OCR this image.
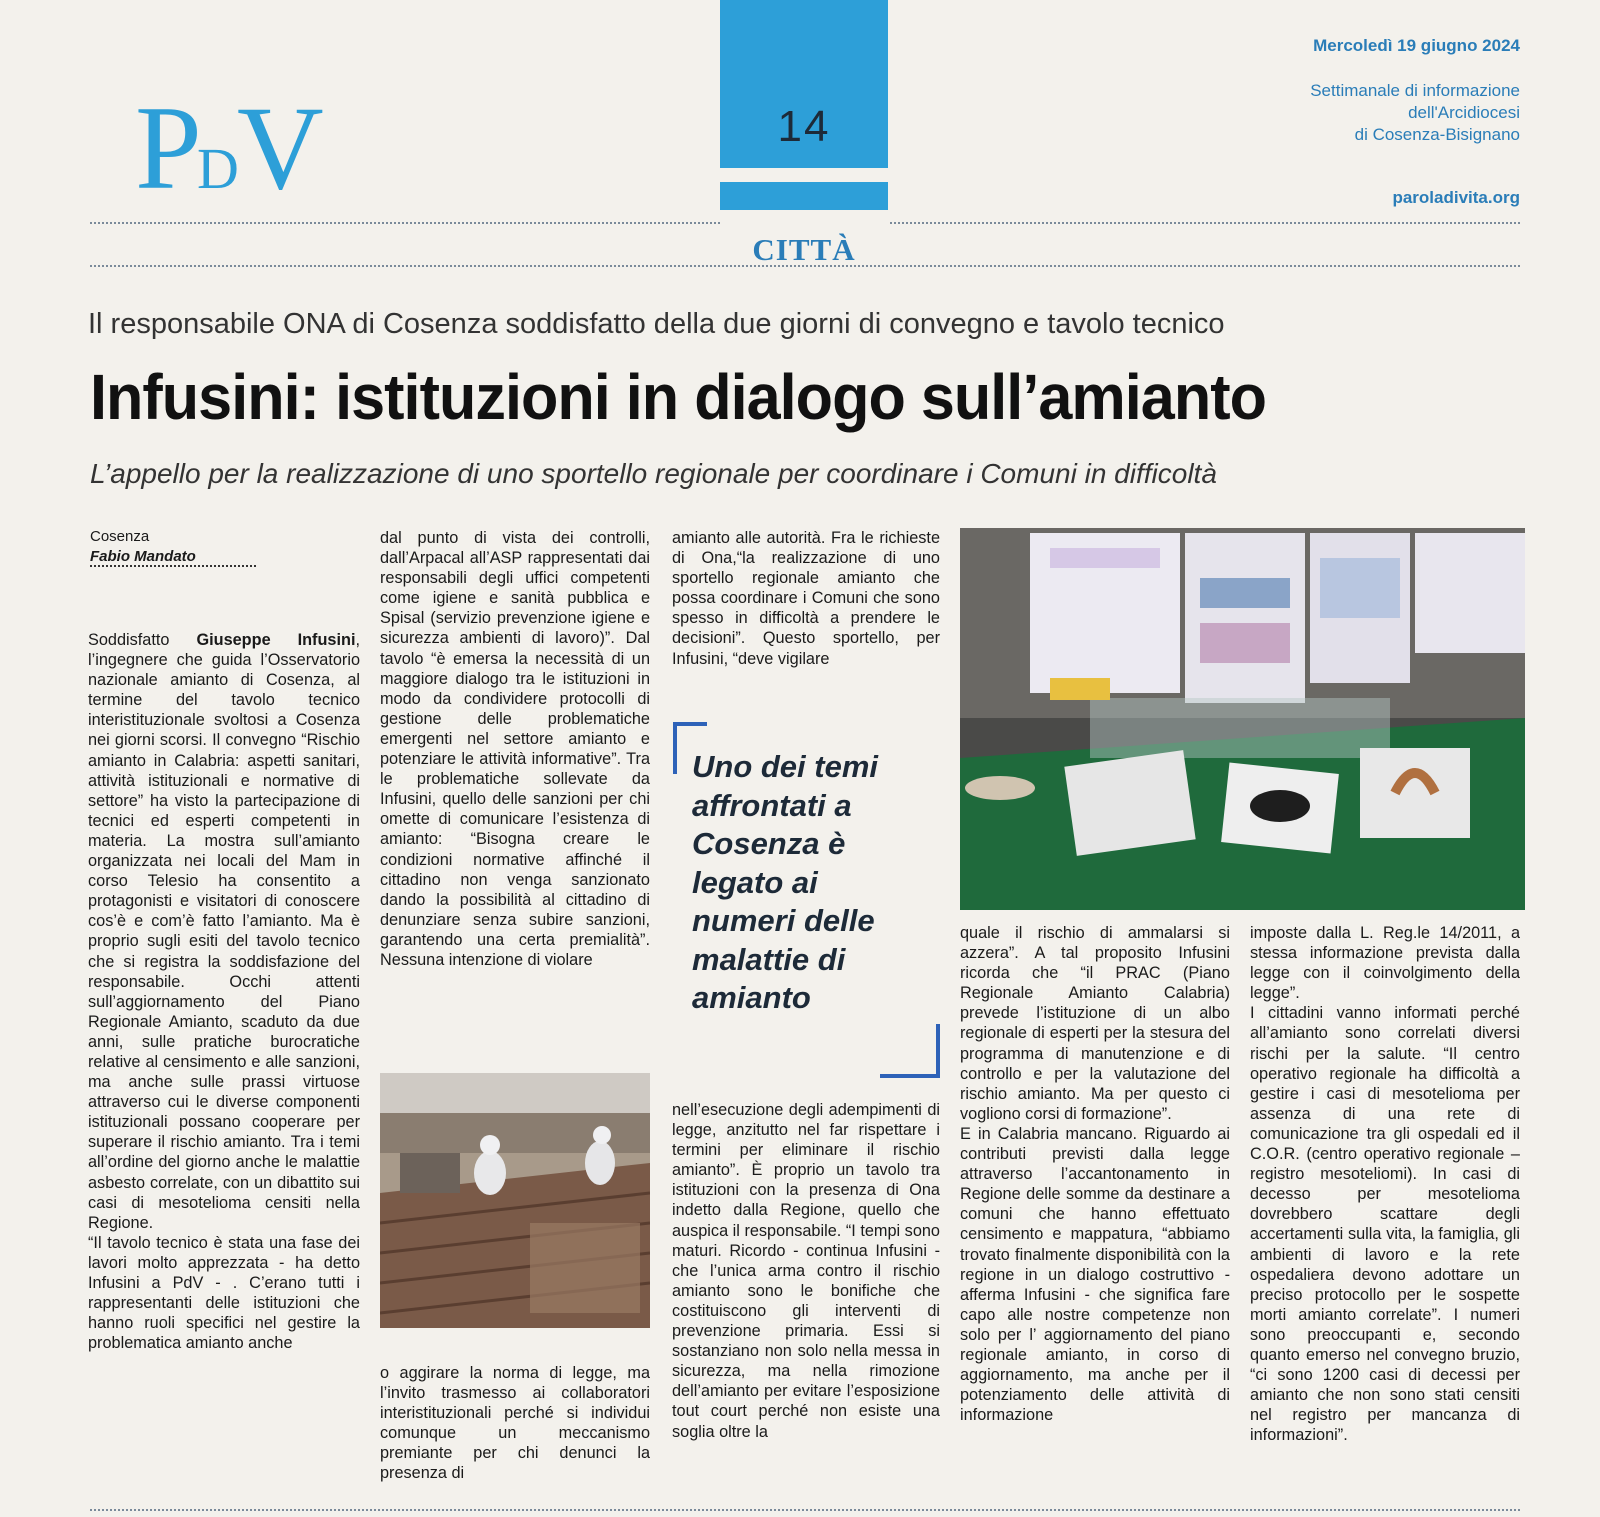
P
D
V	14
Mercoledì 19 giugno 2024
Settimanale di informazione
dell'Arcidiocesi
di Cosenza-Bisignano
paroladivita.org
CITTÀ
Il responsabile ONA di Cosenza soddisfatto della due giorni di convegno e tavolo tecnico
Infusini: istituzioni in dialogo sull’amianto
L’appello per la realizzazione di uno sportello regionale per coordinare i Comuni in difficoltà
Cosenza
Fabio Mandato

Soddisfatto Giuseppe Infusini, l’ingegnere che guida l’Osservatorio nazionale amianto di Cosenza, al termine del tavolo tecnico interistituzionale svoltosi a Cosenza nei giorni scorsi. Il convegno “Rischio amianto in Calabria: aspetti sanitari, attività istituzionali e normative di settore” ha visto la partecipazione di tecnici ed esperti competenti in materia. La mostra sull’amianto organizzata nei locali del Mam in corso Telesio ha consentito a protagonisti e visitatori di conoscere cos’è e com’è fatto l’amianto. Ma è proprio sugli esiti del tavolo tecnico che si registra la soddisfazione del responsabile. Occhi attenti sull’aggiornamento del Piano Regionale Amianto, scaduto da due anni, sulle pratiche burocratiche relative al censimento e alle sanzioni, ma anche sulle prassi virtuose attraverso cui le diverse componenti istituzionali possano cooperare per superare il rischio amianto. Tra i temi all’ordine del giorno anche le malattie asbesto correlate, con un dibattito sui casi di mesotelioma censiti nella Regione.

“Il tavolo tecnico è stata una fase dei lavori molto apprezzata - ha detto Infusini a PdV - . C’erano tutti i rappresentanti delle istituzioni che hanno ruoli specifici nel gestire la problematica amianto anche

dal punto di vista dei controlli, dall’Arpacal all’ASP rappresentati dai responsabili degli uffici competenti come igiene e sanità pubblica e Spisal (servizio prevenzione igiene e sicurezza ambienti di lavoro)”. Dal tavolo “è emersa la necessità di un maggiore dialogo tra le istituzioni in modo da condividere protocolli di gestione delle problematiche emergenti nel settore amianto e potenziare le attività informative”. Tra le problematiche sollevate da Infusini, quello delle sanzioni per chi omette di comunicare l’esistenza di amianto: “Bisogna creare le condizioni normative affinché il cittadino non venga sanzionato dando la possibilità al cittadino di denunziare senza subire sanzioni, garantendo una certa premialità”. Nessuna intenzione di violare

o aggirare la norma di legge, ma l’invito trasmesso ai collaboratori interistituzionali perché si individui comunque un meccanismo premiante per chi denunci la presenza di

amianto alle autorità. Fra le richieste di Ona,“la realizzazione di uno sportello regionale amianto che possa coordinare i Comuni che sono spesso in difficoltà a prendere le decisioni”. Questo sportello, per Infusini, “deve vigilare

Uno dei temi affrontati a Cosenza è legato ai numeri delle malattie di amianto

nell’esecuzione degli adempimenti di legge, anzitutto nel far rispettare i termini per eliminare il rischio amianto”. È proprio un tavolo tra istituzioni con la presenza di Ona indetto dalla Regione, quello che auspica il responsabile. “I tempi sono maturi. Ricordo - continua Infusini - che l’unica arma contro il rischio amianto sono le bonifiche che costituiscono gli interventi di prevenzione primaria. Essi si sostanziano non solo nella messa in sicurezza, ma nella rimozione dell’amianto per evitare l’esposizione tout court perché non esiste una soglia oltre la

quale il rischio di ammalarsi si azzera”. A tal proposito Infusini ricorda che “il PRAC (Piano Regionale Amianto Calabria) prevede l’istituzione di un albo regionale di esperti per la stesura del programma di manutenzione e di controllo e per la valutazione del rischio amianto. Ma per questo ci vogliono corsi di formazione”.

E in Calabria mancano. Riguardo ai contributi previsti dalla legge attraverso l’accantonamento in Regione delle somme da destinare a comuni che hanno effettuato censimento e mappatura, “abbiamo trovato finalmente disponibilità con la regione in un dialogo costruttivo - afferma Infusini - che significa fare capo alle nostre competenze non solo per l’ aggiornamento del piano regionale amianto, in corso di aggiornamento, ma anche per il potenziamento delle attività di informazione

imposte dalla L. Reg.le 14/2011, a stessa informazione prevista dalla legge con il coinvolgimento della legge”.

I cittadini vanno informati perché all’amianto sono correlati diversi rischi per la salute. “Il centro operativo regionale ha difficoltà a gestire i casi di mesotelioma per assenza di una rete di comunicazione tra gli ospedali ed il C.O.R. (centro operativo regionale – registro mesoteliomi). In casi di decesso per mesotelioma dovrebbero scattare degli accertamenti sulla vita, la famiglia, gli ambienti di lavoro e la rete ospedaliera devono adottare un preciso protocollo per le sospette morti amianto correlate”. I numeri sono preoccupanti e, secondo quanto emerso nel convegno bruzio, “ci sono 1200 casi di decessi per amianto che non sono stati censiti nel registro per mancanza di informazioni”.
